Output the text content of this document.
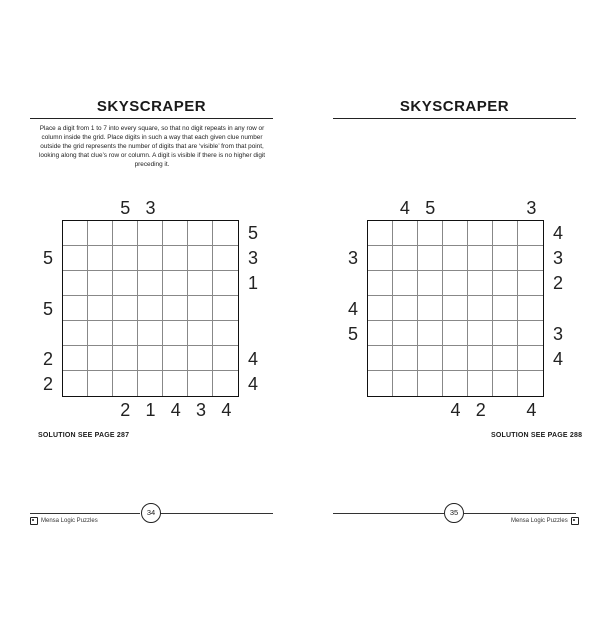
SKYSCRAPER
Place a digit from 1 to 7 into every square, so that no digit repeats in any row or column inside the grid. Place digits in such a way that each given clue number outside the grid represents the number of digits that are ‘visible’ from that point, looking along that clue’s row or column. A digit is visible if there is no higher digit preceding it.
5
5	3
5
2
1
3
1
5
4 3
2	4
4
2	4
SOLUTION SEE PAGE 287
34
Mensa Logic Puzzles
SKYSCRAPER
4
4
3	3
5
2
4
4
2
5	3
4
3
4
SOLUTION SEE PAGE 288
35
Mensa Logic Puzzles
